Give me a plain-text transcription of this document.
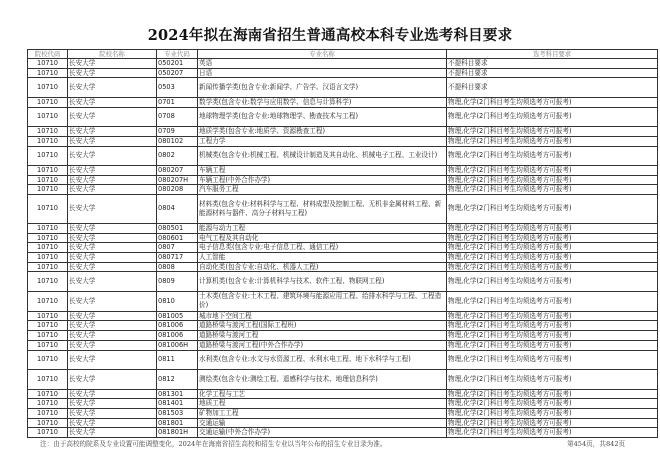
2024年拟在海南省招生普通高校本科专业选考科目要求
院校代码	院校名称	专业代码	专业名称	选考科目要求
10710	长安大学	050201	英语	不提科目要求
10710	长安大学	050207	日语	不提科目要求
10710	长安大学	0503	新闻传播学类(包含专业:新闻学、广告学、汉语言文学)	不提科目要求
10710	长安大学	0701	数学类(包含专业:数学与应用数学、信息与计算科学)	物理,化学(2门科目考生均须选考方可报考)
10710	长安大学	0708	地球物理学类(包含专业:地球物理学、勘查技术与工程)	物理,化学(2门科目考生均须选考方可报考)
10710	长安大学	0709	地质学类(包含专业:地质学、资源勘查工程)	物理,化学(2门科目考生均须选考方可报考)
10710	长安大学	080102	工程力学	物理,化学(2门科目考生均须选考方可报考)
10710	长安大学	0802	机械类(包含专业:机械工程、机械设计制造及其自动化、机械电子工程、工业设计)	物理,化学(2门科目考生均须选考方可报考)
10710	长安大学	080207	车辆工程	物理,化学(2门科目考生均须选考方可报考)
10710	长安大学	080207H	车辆工程(中外合作办学)	物理,化学(2门科目考生均须选考方可报考)
10710	长安大学	080208	汽车服务工程	物理,化学(2门科目考生均须选考方可报考)
10710	长安大学	0804	材料类(包含专业:材料科学与工程、材料成型及控制工程、无机非金属材料工程、新能源材料与器件、高分子材料与工程)	物理,化学(2门科目考生均须选考方可报考)
10710	长安大学	080501	能源与动力工程	物理,化学(2门科目考生均须选考方可报考)
10710	长安大学	080601	电气工程及其自动化	物理,化学(2门科目考生均须选考方可报考)
10710	长安大学	0807	电子信息类(包含专业:电子信息工程、通信工程)	物理,化学(2门科目考生均须选考方可报考)
10710	长安大学	080717	人工智能	物理,化学(2门科目考生均须选考方可报考)
10710	长安大学	0808	自动化类(包含专业:自动化、机器人工程)	物理,化学(2门科目考生均须选考方可报考)
10710	长安大学	0809	计算机类(包含专业:计算机科学与技术、软件工程、物联网工程)	物理,化学(2门科目考生均须选考方可报考)
10710	长安大学	0810	土木类(包含专业:土木工程、建筑环境与能源应用工程、给排水科学与工程、工程造价)	物理,化学(2门科目考生均须选考方可报考)
10710	长安大学	081005	城市地下空间工程	物理,化学(2门科目考生均须选考方可报考)
10710	长安大学	081006	道路桥梁与渡河工程(国际工程班)	物理,化学(2门科目考生均须选考方可报考)
10710	长安大学	081006	道路桥梁与渡河工程	物理,化学(2门科目考生均须选考方可报考)
10710	长安大学	081006H	道路桥梁与渡河工程(中外合作办学)	物理,化学(2门科目考生均须选考方可报考)
10710	长安大学	0811	水利类(包含专业:水文与水资源工程、水利水电工程、地下水科学与工程)	物理,化学(2门科目考生均须选考方可报考)
10710	长安大学	0812	测绘类(包含专业:测绘工程、遥感科学与技术、地理信息科学)	物理,化学(2门科目考生均须选考方可报考)
10710	长安大学	081301	化学工程与工艺	物理,化学(2门科目考生均须选考方可报考)
10710	长安大学	081401	地质工程	物理,化学(2门科目考生均须选考方可报考)
10710	长安大学	081503	矿物加工工程	物理,化学(2门科目考生均须选考方可报考)
10710	长安大学	081801	交通运输	物理,化学(2门科目考生均须选考方可报考)
10710	长安大学	081801H	交通运输(中外合作办学)	物理,化学(2门科目考生均须选考方可报考)
注：由于高校的院系及专业设置可能调整变化，2024年在海南省招生高校和招生专业以当年公布的招生专业目录为准。	第454页，共842页
